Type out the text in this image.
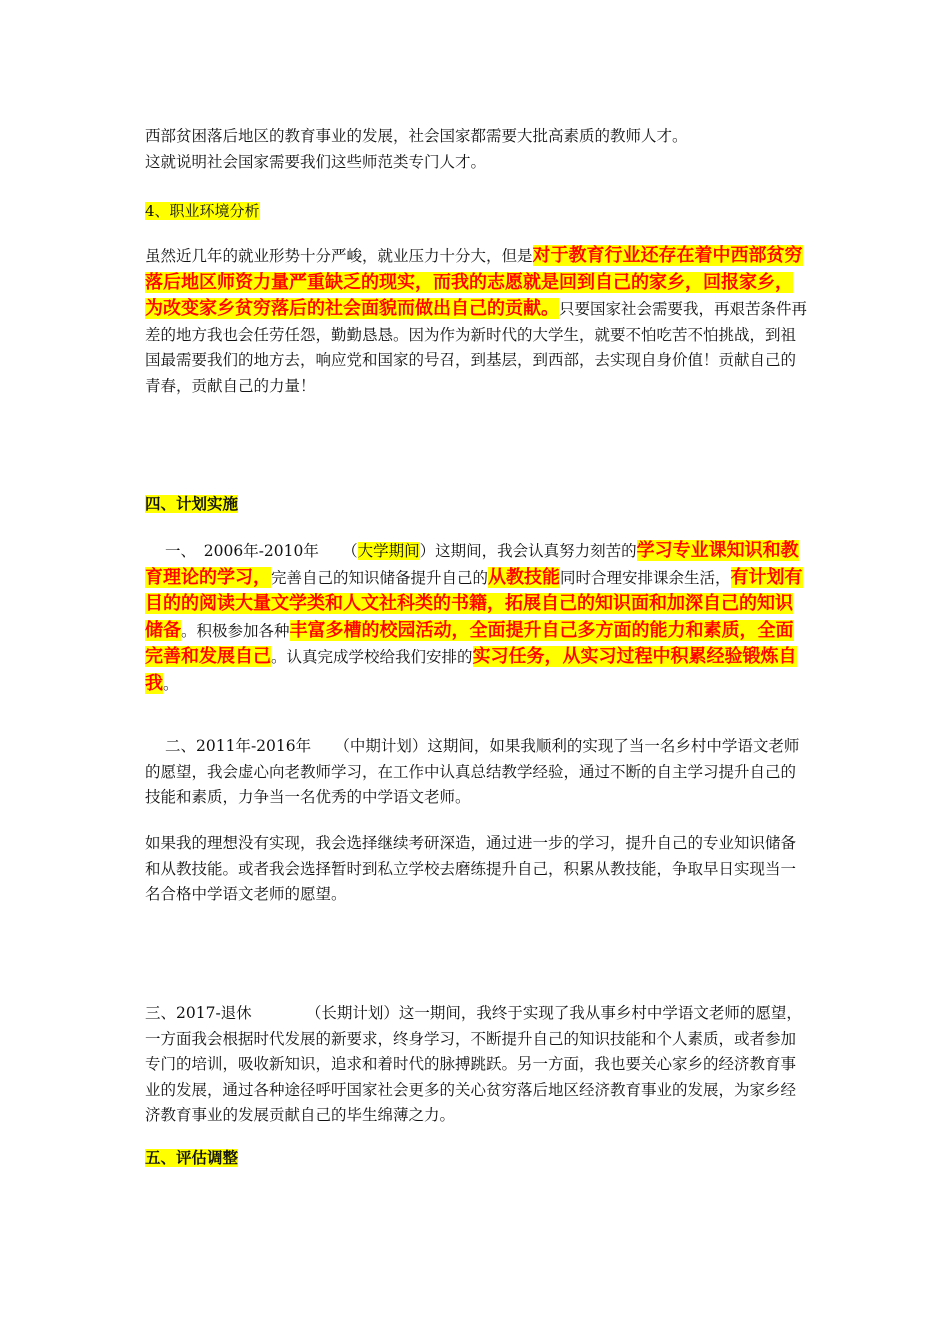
西部贫困落后地区的教育事业的发展，社会国家都需要大批高素质的教师人才。
这就说明社会国家需要我们这些师范类专门人才。
4、职业环境分析
虽然近几年的就业形势十分严峻，就业压力十分大，但是对于教育行业还存在着中西部贫穷落后地区师资力量严重缺乏的现实，而我的志愿就是回到自己的家乡，回报家乡，为改变家乡贫穷落后的社会面貌而做出自己的贡献。只要国家社会需要我，再艰苦条件再差的地方我也会任劳任怨，勤勤恳恳。因为作为新时代的大学生，就要不怕吃苦不怕挑战，到祖国最需要我们的地方去，响应党和国家的号召，到基层，到西部，去实现自身价值！贡献自己的青春，贡献自己的力量！
四、计划实施
一、　2006年-2010年　　（大学期间）这期间，我会认真努力刻苦的学习专业课知识和教育理论的学习，完善自己的知识储备提升自己的从教技能同时合理安排课余生活，有计划有目的的阅读大量文学类和人文社科类的书籍，拓展自己的知识面和加深自己的知识储备。积极参加各种丰富多槽的校园活动，全面提升自己多方面的能力和素质，全面完善和发展自己。认真完成学校给我们安排的实习任务，从实习过程中积累经验锻炼自我。
二、2011年-2016年　　（中期计划）这期间，如果我顺利的实现了当一名乡村中学语文老师的愿望，我会虚心向老教师学习，在工作中认真总结教学经验，通过不断的自主学习提升自己的技能和素质，力争当一名优秀的中学语文老师。
如果我的理想没有实现，我会选择继续考研深造，通过进一步的学习，提升自己的专业知识储备和从教技能。或者我会选择暂时到私立学校去磨练提升自己，积累从教技能，争取早日实现当一名合格中学语文老师的愿望。
三、2017-退休　　　　（长期计划）这一期间，我终于实现了我从事乡村中学语文老师的愿望，一方面我会根据时代发展的新要求，终身学习，不断提升自己的知识技能和个人素质，或者参加专门的培训，吸收新知识，追求和着时代的脉搏跳跃。另一方面，我也要关心家乡的经济教育事业的发展，通过各种途径呼吁国家社会更多的关心贫穷落后地区经济教育事业的发展，为家乡经济教育事业的发展贡献自己的毕生绵薄之力。
五、评估调整
